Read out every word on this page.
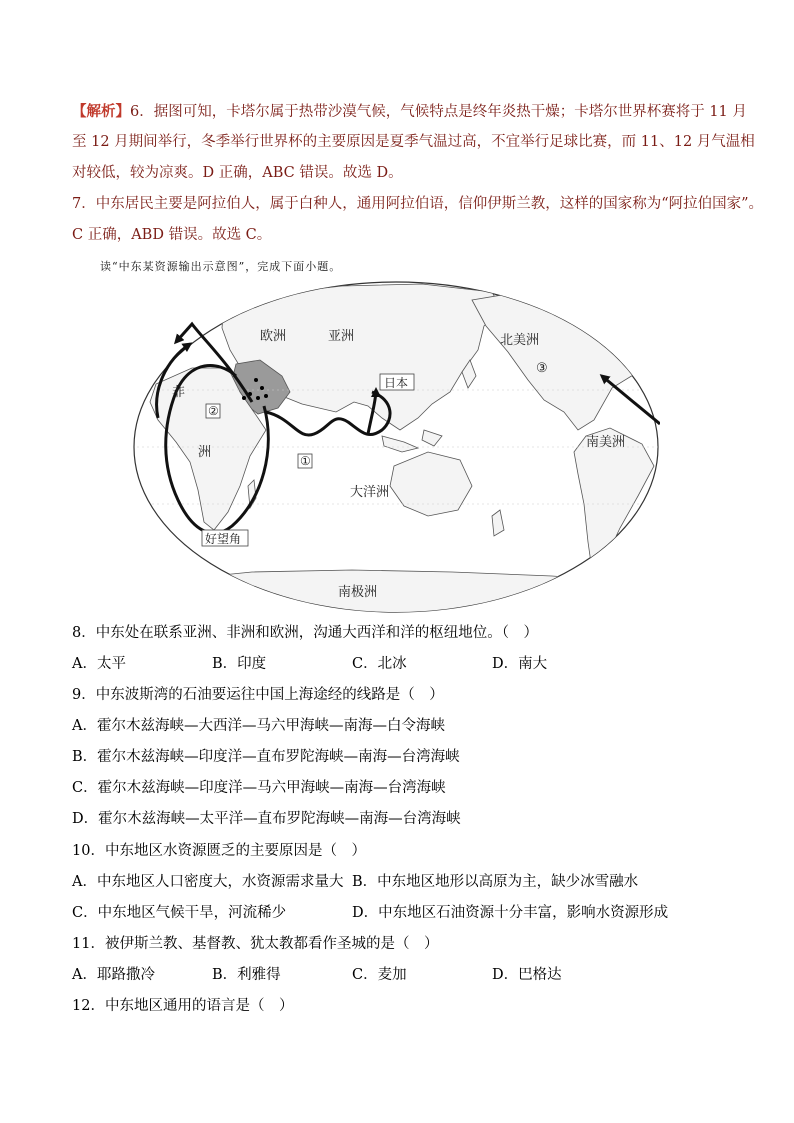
【解析】6．据图可知，卡塔尔属于热带沙漠气候，气候特点是终年炎热干燥；卡塔尔世界杯赛将于 11 月
至 12 月期间举行，冬季举行世界杯的主要原因是夏季气温过高，不宜举行足球比赛，而 11、12 月气温相
对较低，较为凉爽。D 正确，ABC 错误。故选 D。
7．中东居民主要是阿拉伯人，属于白种人，通用阿拉伯语，信仰伊斯兰教，这样的国家称为“阿拉伯国家”。
C 正确，ABD 错误。故选 C。
读“中东某资源输出示意图”，完成下面小题。
欧洲	亚洲	北美洲
非
洲
南美洲
大洋洲
南极洲
③
日本
②
①
好望角
8．中东处在联系亚洲、非洲和欧洲，沟通大西洋和洋的枢纽地位。（　）
A．太平	B．印度	C．北冰	D．南大
9．中东波斯湾的石油要运往中国上海途经的线路是（　）
A．霍尔木兹海峡—大西洋—马六甲海峡—南海—白令海峡
B．霍尔木兹海峡—印度洋—直布罗陀海峡—南海—台湾海峡
C．霍尔木兹海峡—印度洋—马六甲海峡—南海—台湾海峡
D．霍尔木兹海峡—太平洋—直布罗陀海峡—南海—台湾海峡
10．中东地区水资源匮乏的主要原因是（　）
A．中东地区人口密度大，水资源需求量大 B．中东地区地形以高原为主，缺少冰雪融水
C．中东地区气候干旱，河流稀少	D．中东地区石油资源十分丰富，影响水资源形成
11．被伊斯兰教、基督教、犹太教都看作圣城的是（　）
A．耶路撒冷	B．利雅得	C．麦加	D．巴格达
12．中东地区通用的语言是（　）
